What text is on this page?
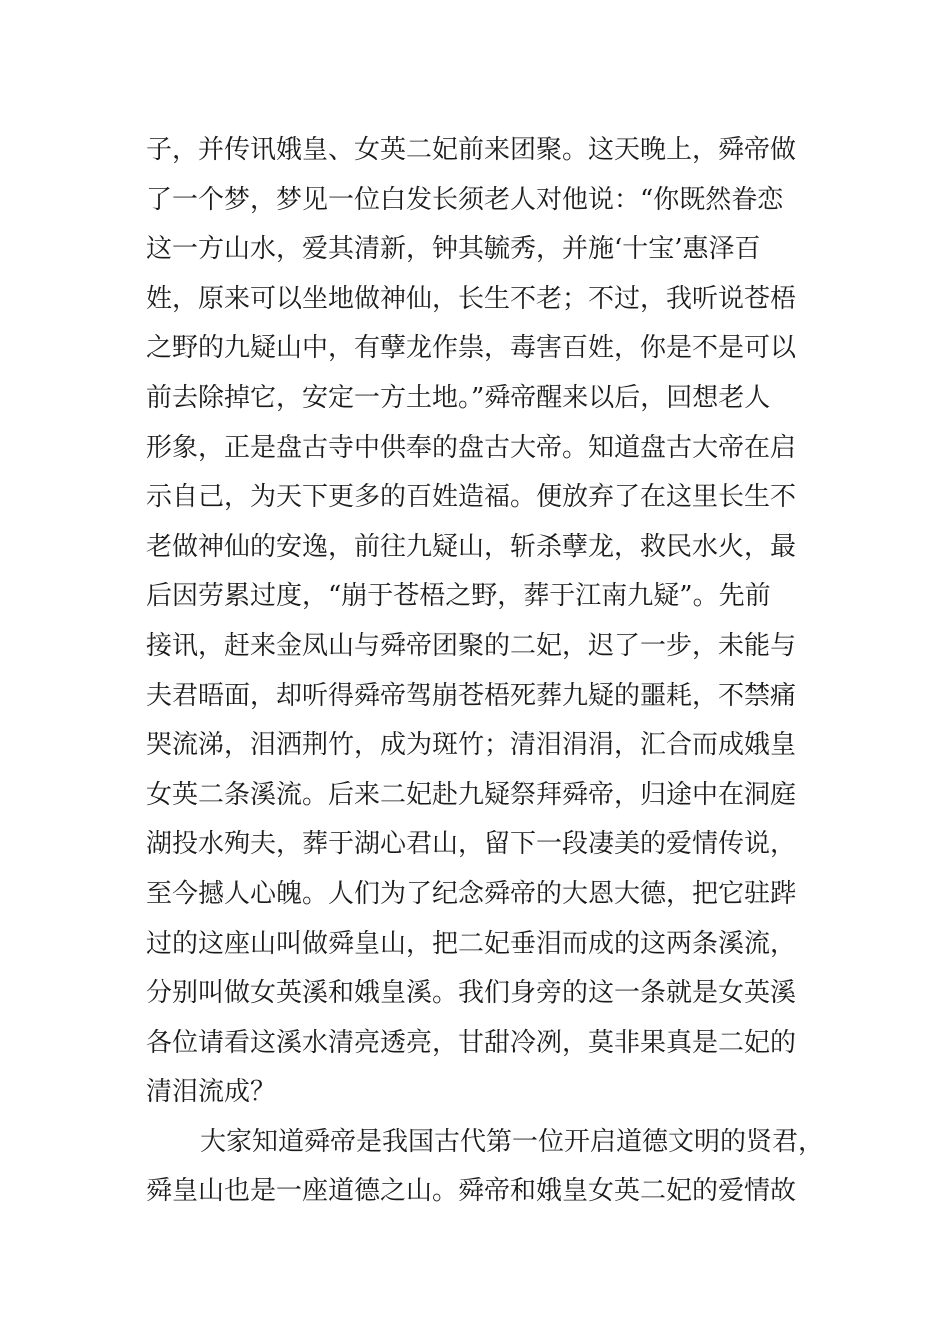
子，并传讯娥皇、女英二妃前来团聚。这天晚上，舜帝做
了一个梦，梦见一位白发长须老人对他说：“你既然眷恋
这一方山水，爱其清新，钟其毓秀，并施‘十宝’惠泽百
姓，原来可以坐地做神仙，长生不老；不过，我听说苍梧
之野的九疑山中，有孽龙作祟，毒害百姓，你是不是可以
前去除掉它，安定一方土地。”舜帝醒来以后，回想老人
形象，正是盘古寺中供奉的盘古大帝。知道盘古大帝在启
示自己，为天下更多的百姓造福。便放弃了在这里长生不
老做神仙的安逸，前往九疑山，斩杀孽龙，救民水火，最
后因劳累过度，“崩于苍梧之野，葬于江南九疑”。先前
接讯，赶来金凤山与舜帝团聚的二妃，迟了一步，未能与
夫君晤面，却听得舜帝驾崩苍梧死葬九疑的噩耗，不禁痛
哭流涕，泪洒荆竹，成为斑竹；清泪涓涓，汇合而成娥皇
女英二条溪流。后来二妃赴九疑祭拜舜帝，归途中在洞庭
湖投水殉夫，葬于湖心君山，留下一段凄美的爱情传说，
至今撼人心魄。人们为了纪念舜帝的大恩大德，把它驻跸
过的这座山叫做舜皇山，把二妃垂泪而成的这两条溪流，
分别叫做女英溪和娥皇溪。我们身旁的这一条就是女英溪
各位请看这溪水清亮透亮，甘甜冷冽，莫非果真是二妃的
清泪流成？
大家知道舜帝是我国古代第一位开启道德文明的贤君，
舜皇山也是一座道德之山。舜帝和娥皇女英二妃的爱情故
